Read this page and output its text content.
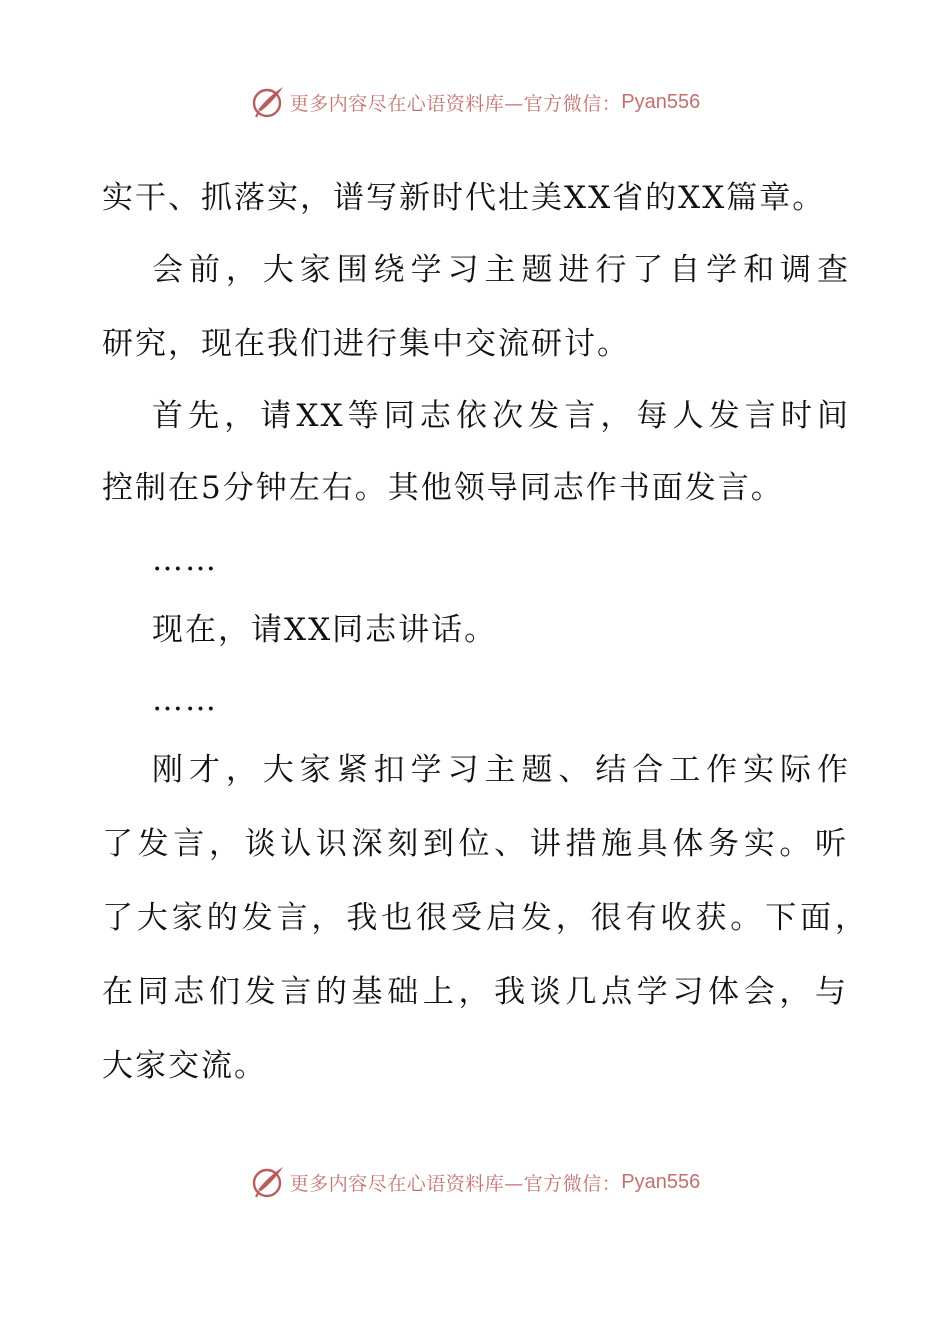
更多内容尽在心语资料库—官方微信： Pyan556
实干、抓落实，谱写新时代壮美XX省的XX篇章。
会前，大家围绕学习主题进行了自学和调查
研究，现在我们进行集中交流研讨。
首先，请XX等同志依次发言，每人发言时间
控制在5分钟左右。其他领导同志作书面发言。
……
现在，请XX同志讲话。
……
刚才，大家紧扣学习主题、结合工作实际作
了发言，谈认识深刻到位、讲措施具体务实。听
了大家的发言，我也很受启发，很有收获。下面，
在同志们发言的基础上，我谈几点学习体会，与
大家交流。
更多内容尽在心语资料库—官方微信： Pyan556
